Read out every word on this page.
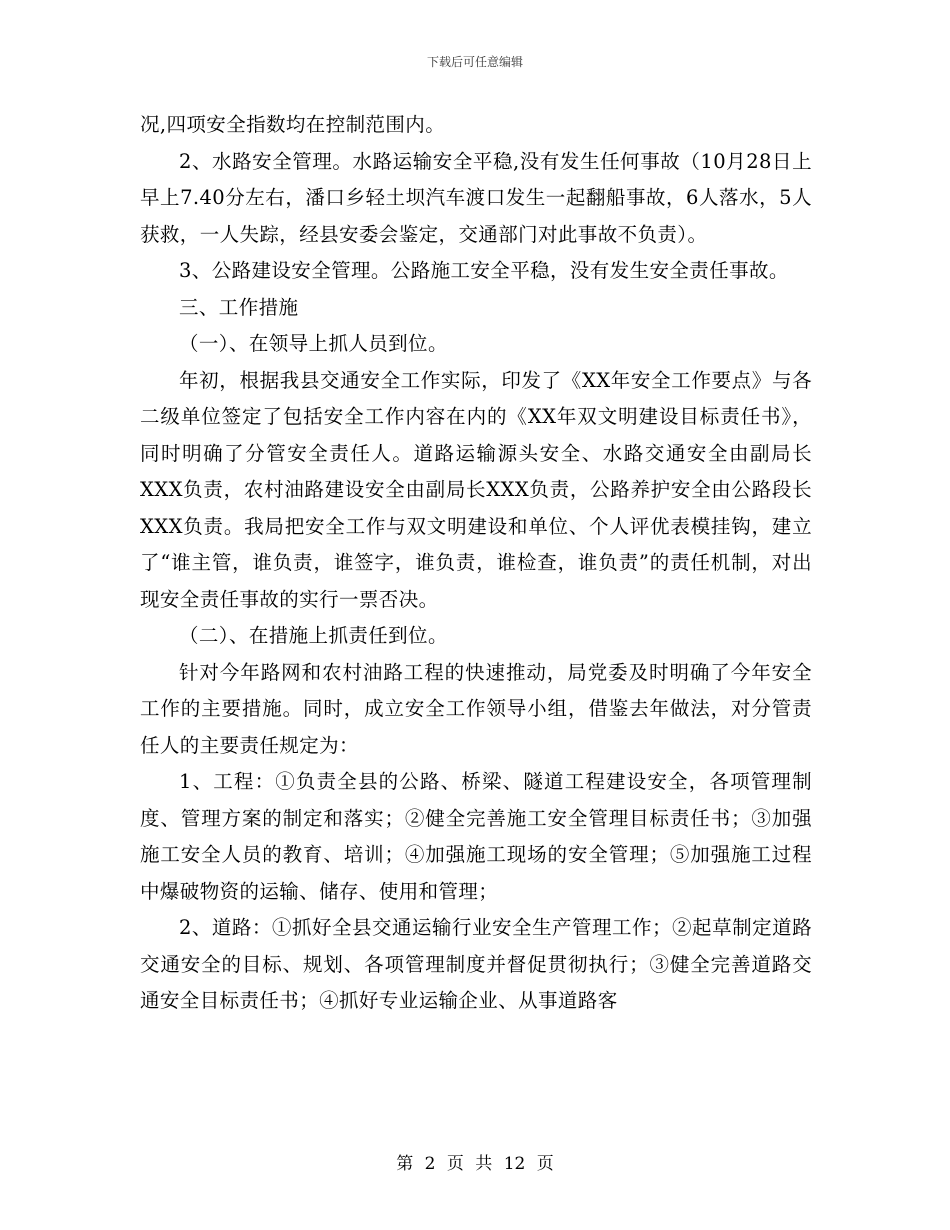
下载后可任意编辑

况,四项安全指数均在控制范围内。

2、水路安全管理。水路运输安全平稳,没有发生任何事故（10月28日上早上7.40分左右，潘口乡轻土坝汽车渡口发生一起翻船事故，6人落水，5人获救，一人失踪，经县安委会鉴定，交通部门对此事故不负责）。

3、公路建设安全管理。公路施工安全平稳，没有发生安全责任事故。

三、工作措施

（一）、在领导上抓人员到位。

年初，根据我县交通安全工作实际，印发了《XX年安全工作要点》与各二级单位签定了包括安全工作内容在内的《XX年双文明建设目标责任书》，同时明确了分管安全责任人。道路运输源头安全、水路交通安全由副局长XXX负责，农村油路建设安全由副局长XXX负责，公路养护安全由公路段长XXX负责。我局把安全工作与双文明建设和单位、个人评优表模挂钩，建立了“谁主管，谁负责，谁签字，谁负责，谁检查，谁负责”的责任机制，对出现安全责任事故的实行一票否决。

（二）、在措施上抓责任到位。

针对今年路网和农村油路工程的快速推动，局党委及时明确了今年安全工作的主要措施。同时，成立安全工作领导小组，借鉴去年做法，对分管责任人的主要责任规定为：

1、工程：①负责全县的公路、桥梁、隧道工程建设安全，各项管理制度、管理方案的制定和落实；②健全完善施工安全管理目标责任书；③加强施工安全人员的教育、培训；④加强施工现场的安全管理；⑤加强施工过程中爆破物资的运输、储存、使用和管理；

2、道路：①抓好全县交通运输行业安全生产管理工作；②起草制定道路交通安全的目标、规划、各项管理制度并督促贯彻执行；③健全完善道路交通安全目标责任书；④抓好专业运输企业、从事道路客

第 2 页 共 12 页
